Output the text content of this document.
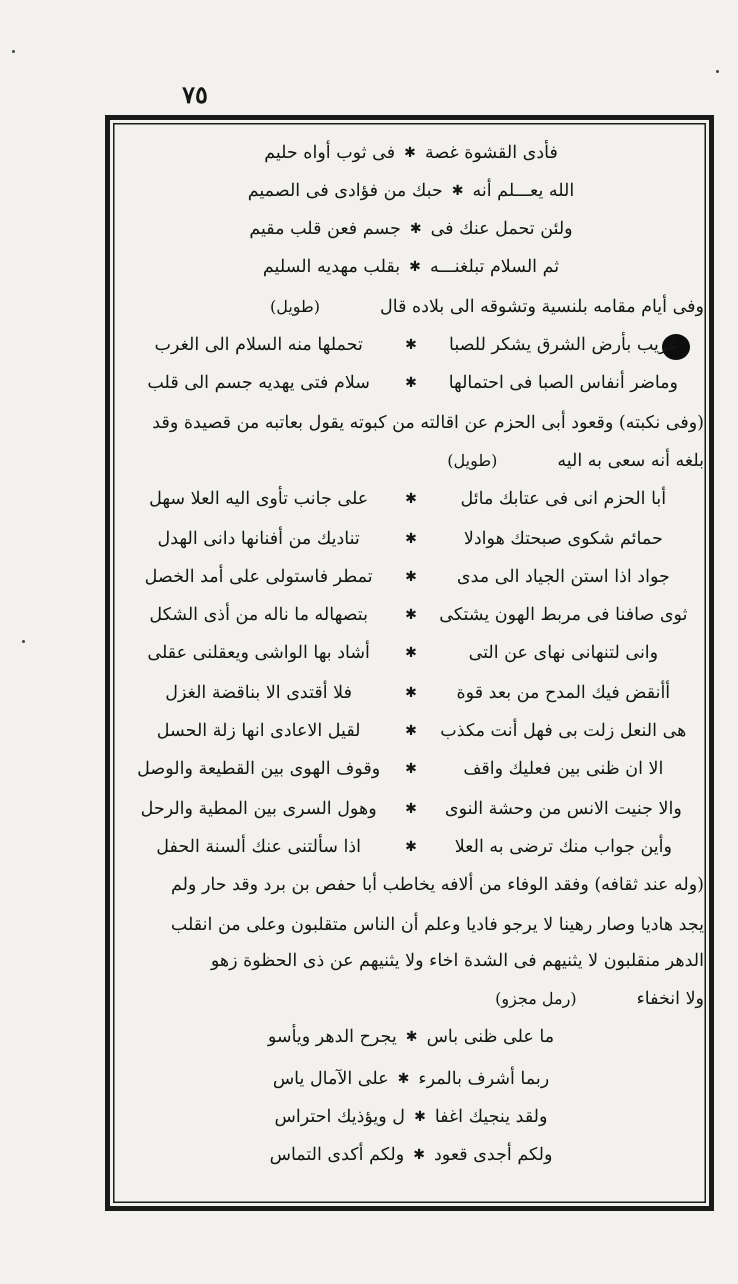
٧٥
فأدى القشوة غصة
✱
فى ثوب أواه حليم
الله يعـــلم أنه
✱
حبك من فؤادى فى الصميم
ولئن تحمل عنك فى
✱
جسم فعن قلب مقيم
ثم السلام تبلغنـــه
✱
بقلب مهديه السليم
وفى أيام مقامه بلنسية وتشوقه الى بلاده قال(طويل)
غريب بأرض الشرق يشكر للصبا
✱
تحملها منه السلام الى الغرب
وماضر أنفاس الصبا فى احتمالها
✱
سلام فتى يهديه جسم الى قلب
(وفى نكبته) وقعود أبى الحزم عن اقالته من كبوته يقول بعاتبه من قصيدة وقد
بلغه أنه سعى به اليه(طويل)
أبا الحزم انى فى عتابك مائل
✱
على جانب تأوى اليه العلا سهل
حمائم شكوى صبحتك هوادلا
✱
تناديك من أفنانها دانى الهدل
جواد اذا استن الجياد الى مدى
✱
تمطر فاستولى على أمد الخصل
ثوى صافنا فى مربط الهون يشتكى
✱
بتصهاله ما ناله من أذى الشكل
وانى لتنهانى نهاى عن التى
✱
أشاد بها الواشى ويعقلنى عقلى
أأنقض فيك المدح من بعد قوة
✱
فلا أقتدى الا بناقضة الغزل
هى النعل زلت بى فهل أنت مكذب
✱
لقيل الاعادى انها زلة الحسل
الا ان ظنى بين فعليك واقف
✱
وقوف الهوى بين القطيعة والوصل
والا جنيت الانس من وحشة النوى
✱
وهول السرى بين المطية والرحل
وأين جواب منك ترضى به العلا
✱
اذا سألتنى عنك ألسنة الحفل
(وله عند ثقافه) وفقد الوفاء من ألافه يخاطب أبا حفص بن برد وقد حار ولم
يجد هاديا وصار رهينا لا يرجو فاديا وعلم أن الناس متقلبون وعلى من انقلب
الدهر منقلبون لا يثنيهم فى الشدة اخاء ولا يثنيهم عن ذى الحظوة زهو
ولا انخفاء(رمل مجزو)
ما على ظنى باس
✱
يجرح الدهر ويأسو
ربما أشرف بالمرء
✱
على الآمال ياس
ولقد ينجيك اغفا
✱
ل ويؤذيك احتراس
ولكم أجدى قعود
✱
ولكم أكدى التماس
